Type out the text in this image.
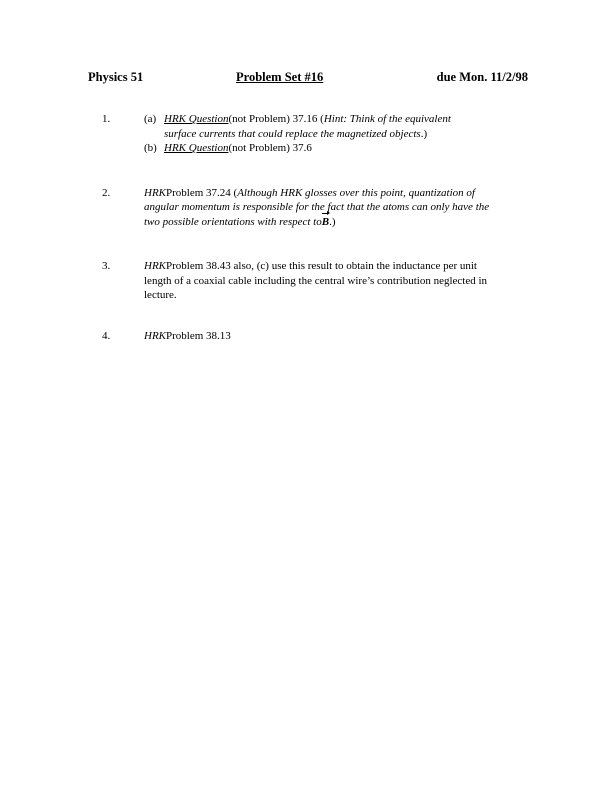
Physics 51	Problem Set #16	due Mon. 11/2/98
1.	(a) HRK Question(not Problem) 37.16 (Hint: Think of the equivalent
surface currents that could replace the magnetized objects.)
(b) HRK Question(not Problem) 37.6
2.	HRKProblem 37.24 (Although HRK glosses over this point, quantization of
angular momentum is responsible for the fact that the atoms can only have the
two possible orientations with respect toB
.)
3.	HRKProblem 38.43 also, (c) use this result to obtain the inductance per unit
length of a coaxial cable including the central wire’s contribution neglected in
lecture.
4.	HRKProblem 38.13
